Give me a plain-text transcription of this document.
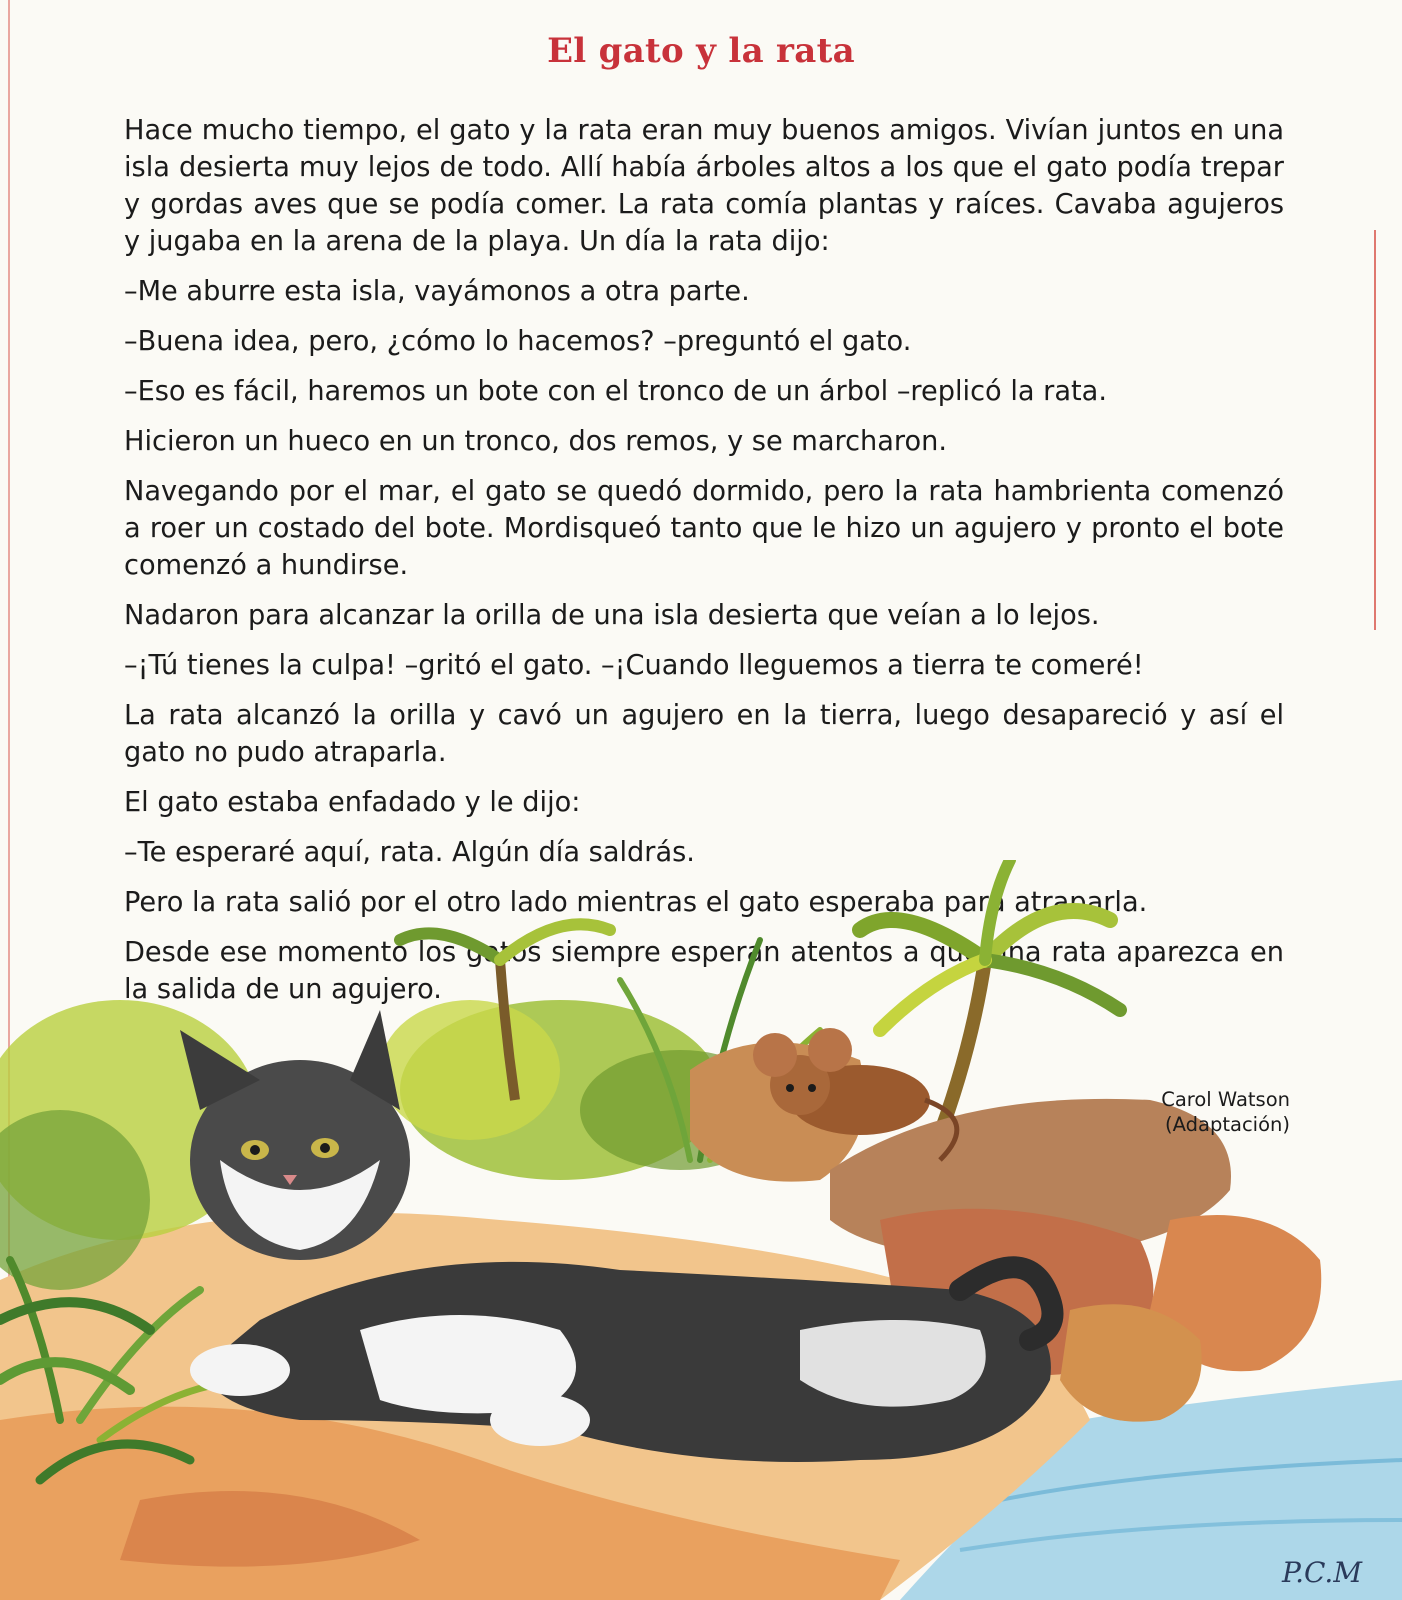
El gato y la rata

Hace mucho tiempo, el gato y la rata eran muy buenos amigos. Vivían juntos en una isla desierta muy lejos de todo. Allí había árboles altos a los que el gato podía trepar y gordas aves que se podía comer. La rata comía plantas y raíces. Cavaba agujeros y jugaba en la arena de la playa. Un día la rata dijo:

–Me aburre esta isla, vayámonos a otra parte.

–Buena idea, pero, ¿cómo lo hacemos? –preguntó el gato.

–Eso es fácil, haremos un bote con el tronco de un árbol –replicó la rata.

Hicieron un hueco en un tronco, dos remos, y se marcharon.

Navegando por el mar, el gato se quedó dormido, pero la rata hambrienta comenzó a roer un costado del bote. Mordisqueó tanto que le hizo un agujero y pronto el bote comenzó a hundirse.

Nadaron para alcanzar la orilla de una isla desierta que veían a lo lejos.

–¡Tú tienes la culpa! –gritó el gato. –¡Cuando lleguemos a tierra te comeré!

La rata alcanzó la orilla y cavó un agujero en la tierra, luego desapareció y así el gato no pudo atraparla.

El gato estaba enfadado y le dijo:

–Te esperaré aquí, rata. Algún día saldrás.

Pero la rata salió por el otro lado mientras el gato esperaba para atraparla.

Desde ese momento los gatos siempre esperan atentos a que una rata aparezca en la salida de un agujero.

Carol Watson
(Adaptación)
P.C.M
